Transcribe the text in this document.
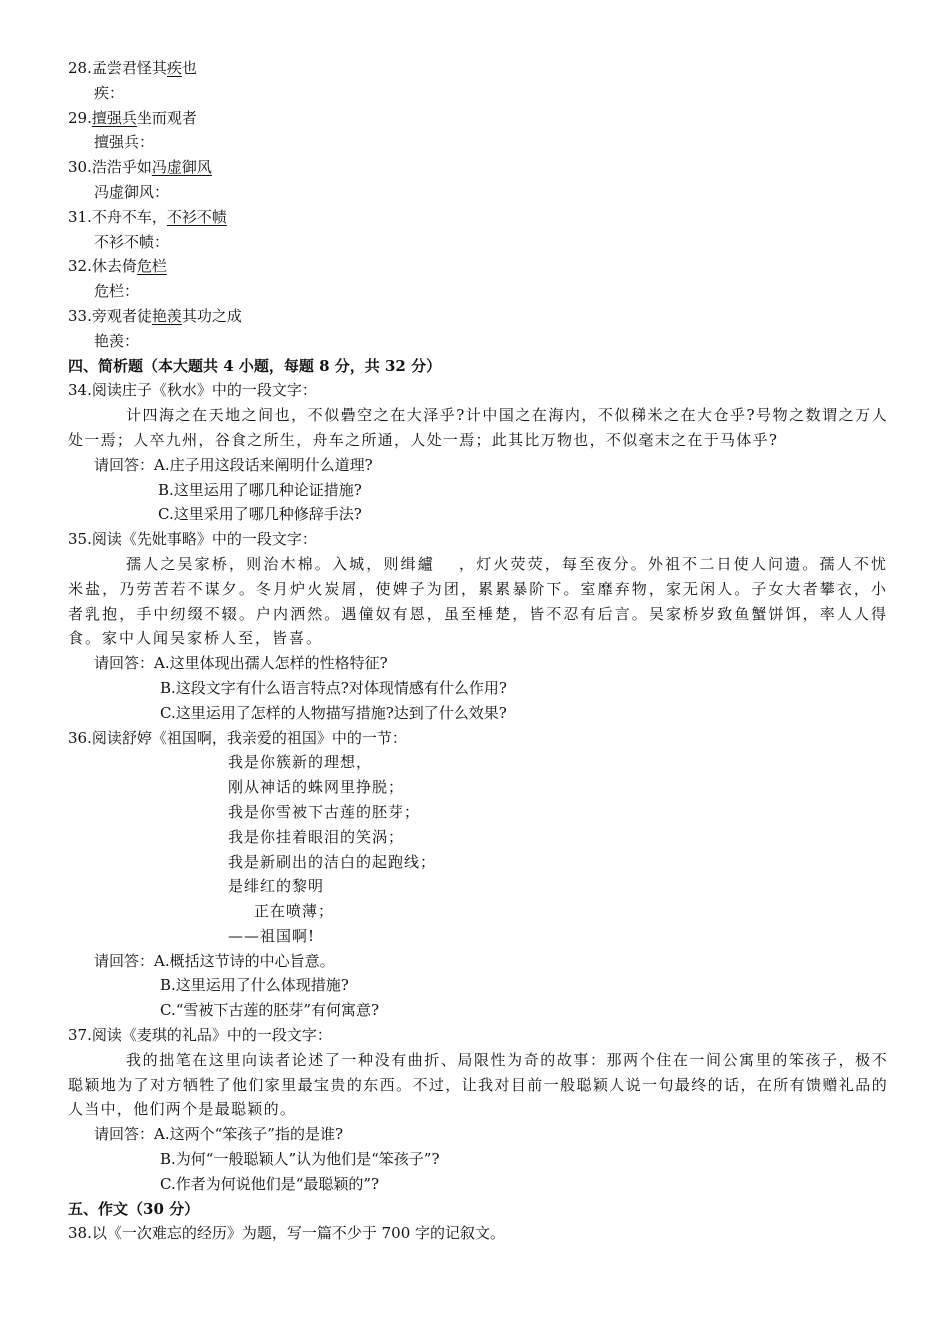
28.孟尝君怪其疾也
疾：
29.擅强兵坐而观者
擅强兵：
30.浩浩乎如冯虚御风
冯虚御风：
31.不舟不车，不衫不帻
不衫不帻：
32.休去倚危栏
危栏：
33.旁观者徒艳羡其功之成
艳羡：
四、简析题（本大题共 4 小题，每题 8 分，共 32 分）
34.阅读庄子《秋水》中的一段文字：
计四海之在天地之间也，不似礨空之在大泽乎?计中国之在海内，不似稊米之在大仓乎?号物之数谓之万人处一焉；人卒九州，谷食之所生，舟车之所通，人处一焉；此其比万物也，不似毫末之在于马体乎?
请回答：A.庄子用这段话来阐明什么道理?
B.这里运用了哪几种论证措施?
C.这里采用了哪几种修辞手法?
35.阅读《先妣事略》中的一段文字：
孺人之吴家桥，则治木棉。入城，则缉纑　 ，灯火荧荧，每至夜分。外祖不二日使人问遗。孺人不忧米盐，乃劳苦若不谋夕。冬月炉火炭屑，使婢子为团，累累暴阶下。室靡弃物，家无闲人。子女大者攀衣，小者乳抱，手中纫缀不辍。户内洒然。遇僮奴有恩，虽至棰楚，皆不忍有后言。吴家桥岁致鱼蟹饼饵，率人人得食。家中人闻吴家桥人至，皆喜。
请回答：A.这里体现出孺人怎样的性格特征?
B.这段文字有什么语言特点?对体现情感有什么作用?
C.这里运用了怎样的人物描写措施?达到了什么效果?
36.阅读舒婷《祖国啊，我亲爱的祖国》中的一节：
我是你簇新的理想，
刚从神话的蛛网里挣脱；
我是你雪被下古莲的胚芽；
我是你挂着眼泪的笑涡；
我是新刷出的洁白的起跑线；
是绯红的黎明
正在喷薄；
——祖国啊!
请回答：A.概括这节诗的中心旨意。
B.这里运用了什么体现措施?
C.“雪被下古莲的胚芽”有何寓意?
37.阅读《麦琪的礼品》中的一段文字：
我的拙笔在这里向读者论述了一种没有曲折、局限性为奇的故事：那两个住在一间公寓里的笨孩子，极不聪颖地为了对方牺牲了他们家里最宝贵的东西。不过，让我对目前一般聪颖人说一句最终的话，在所有馈赠礼品的人当中，他们两个是最聪颖的。
请回答：A.这两个“笨孩子”指的是谁?
B.为何“一般聪颖人”认为他们是“笨孩子”?
C.作者为何说他们是“最聪颖的”?
五、作文（30 分）
38.以《一次难忘的经历》为题，写一篇不少于 700 字的记叙文。
